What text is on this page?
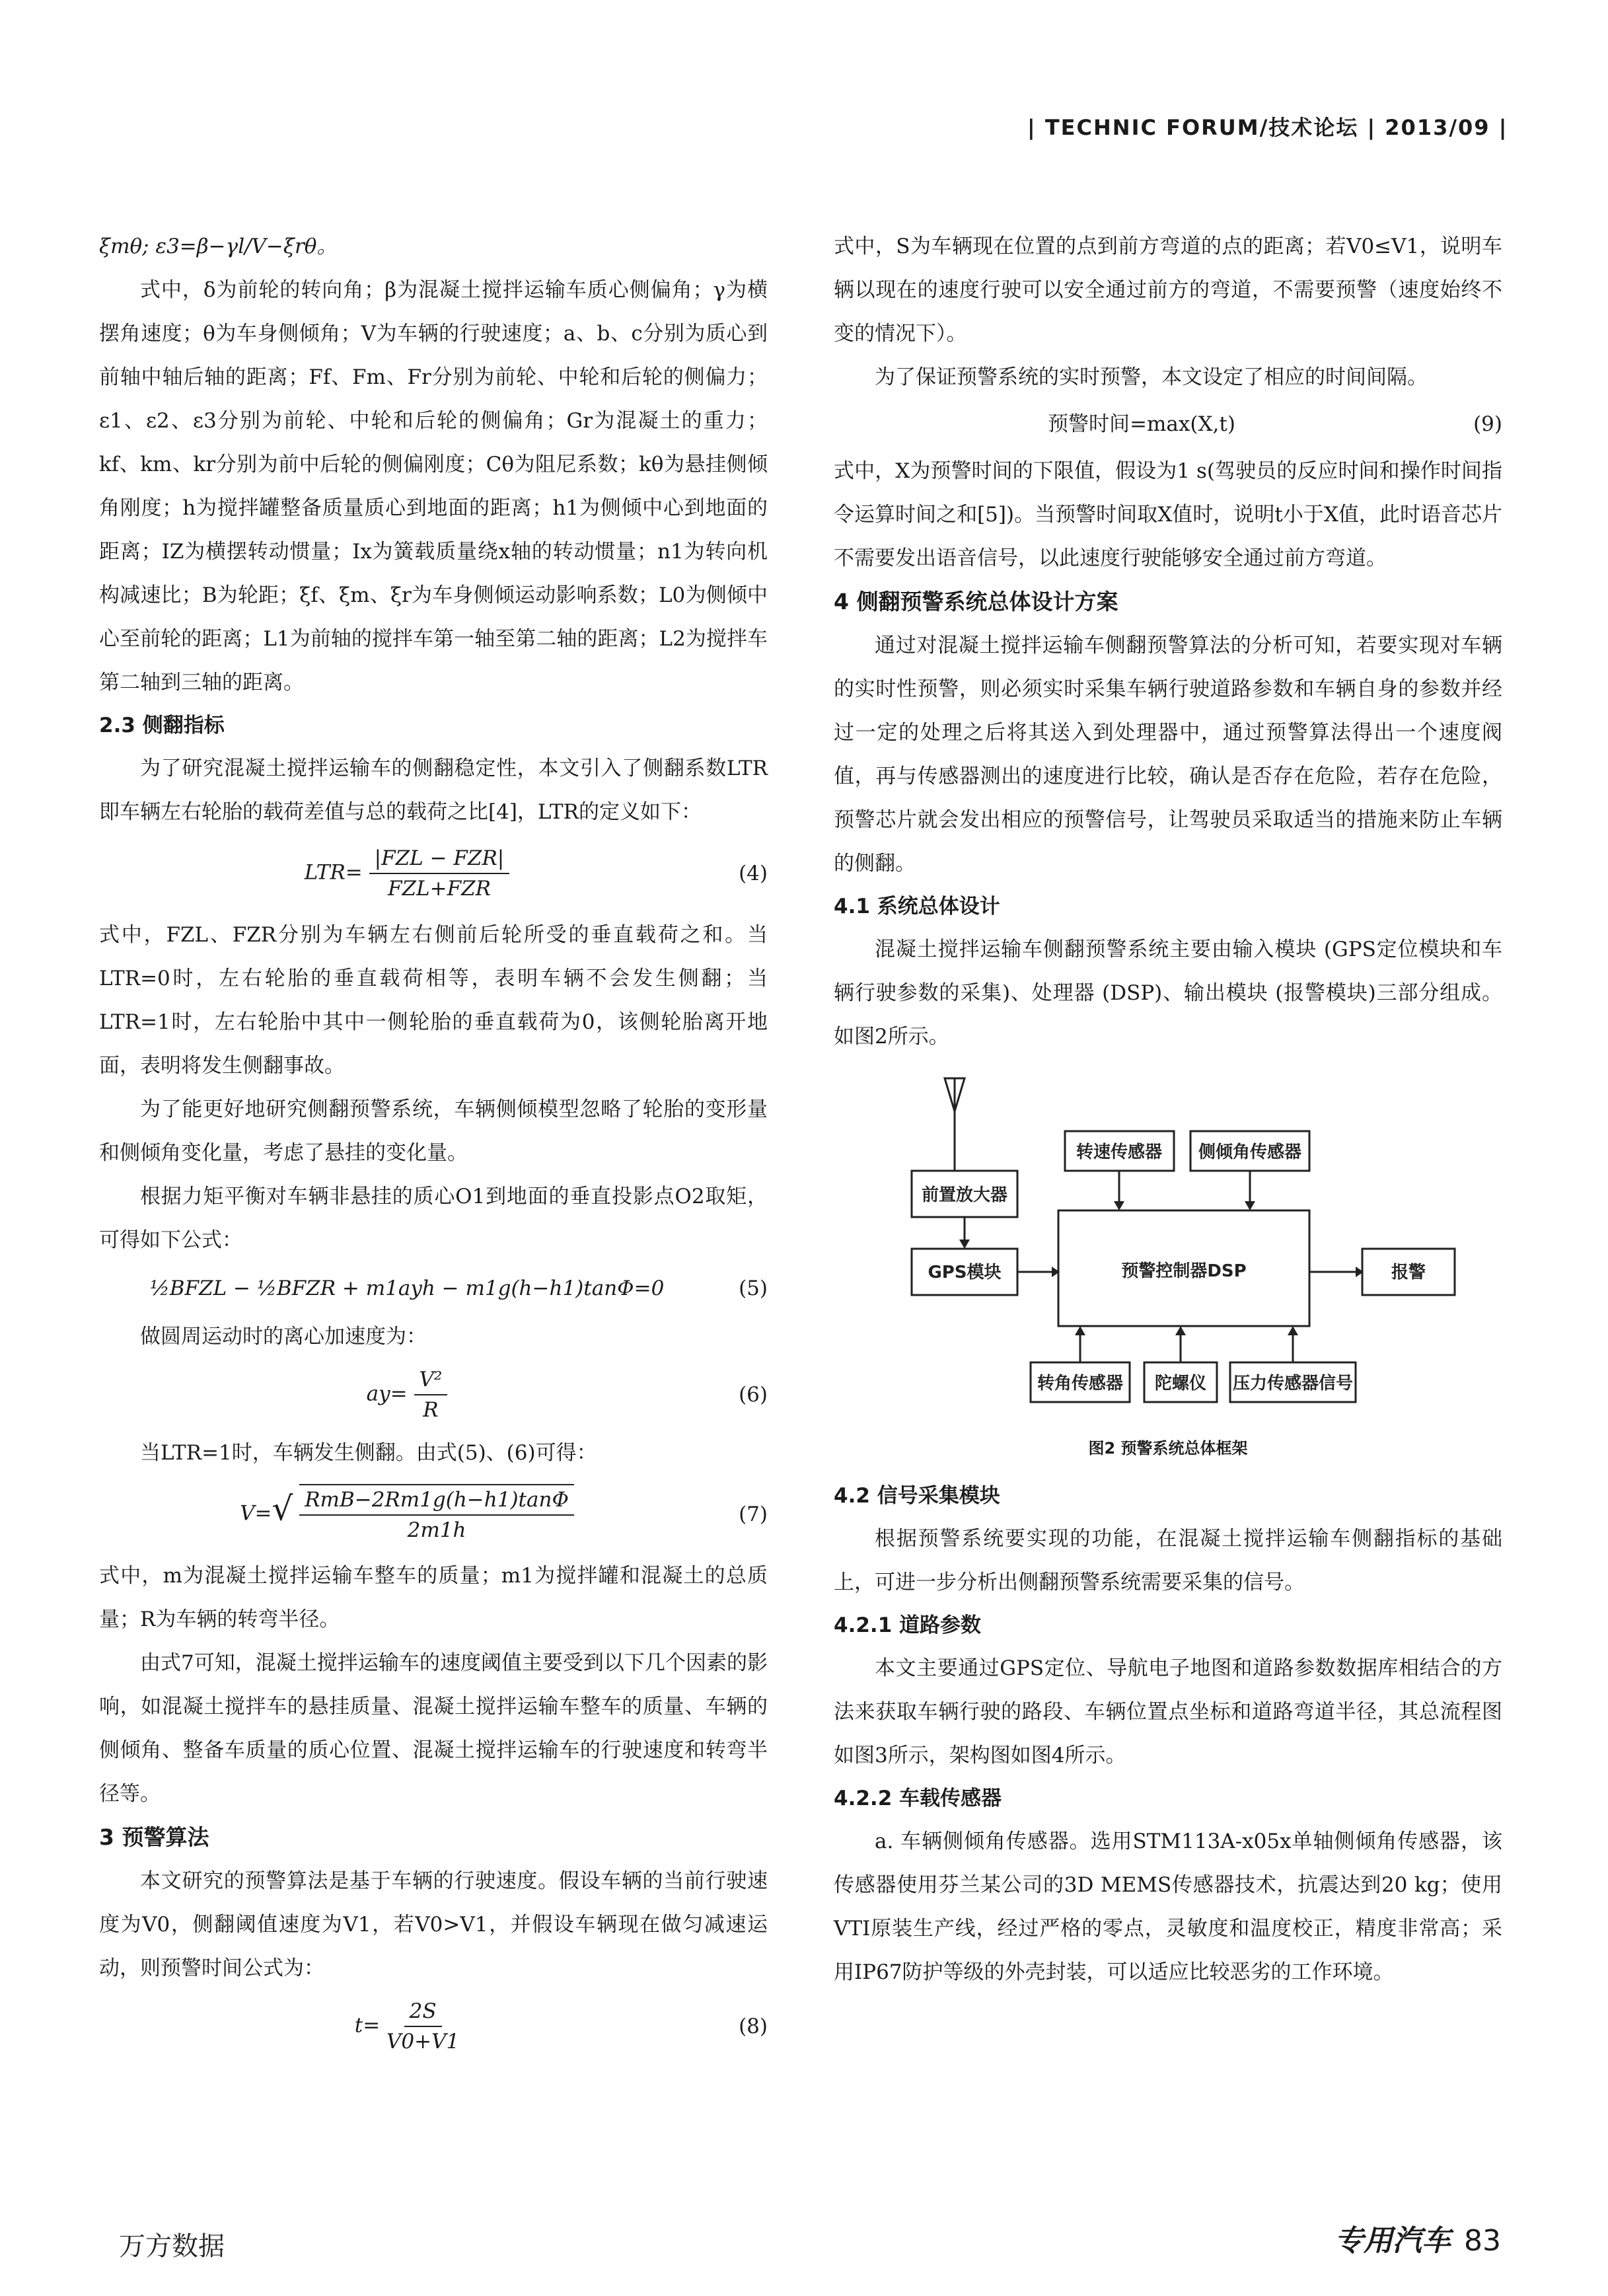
| TECHNIC FORUM/技术论坛 | 2013/09 |

ξmθ; ε3=β−γl/V−ξrθ。

式中，δ为前轮的转向角；β为混凝土搅拌运输车质心侧偏角；γ为横摆角速度；θ为车身侧倾角；V为车辆的行驶速度；a、b、c分别为质心到前轴中轴后轴的距离；Ff、Fm、Fr分别为前轮、中轮和后轮的侧偏力；ε1、ε2、ε3分别为前轮、中轮和后轮的侧偏角；Gr为混凝土的重力；kf、km、kr分别为前中后轮的侧偏刚度；Cθ为阻尼系数；kθ为悬挂侧倾角刚度；h为搅拌罐整备质量质心到地面的距离；h1为侧倾中心到地面的距离；IZ为横摆转动惯量；Ix为簧载质量绕x轴的转动惯量；n1为转向机构减速比；B为轮距；ξf、ξm、ξr为车身侧倾运动影响系数；L0为侧倾中心至前轮的距离；L1为前轴的搅拌车第一轴至第二轴的距离；L2为搅拌车第二轴到三轴的距离。

2.3 侧翻指标

为了研究混凝土搅拌运输车的侧翻稳定性，本文引入了侧翻系数LTR即车辆左右轮胎的载荷差值与总的载荷之比[4]，LTR的定义如下：

$LTR= \frac{\text{|FZL − FZR|}}{\text{FZL+FZR}}$	(4)

式中，FZL、FZR分别为车辆左右侧前后轮所受的垂直载荷之和。当LTR=0时，左右轮胎的垂直载荷相等，表明车辆不会发生侧翻；当LTR=1时，左右轮胎中其中一侧轮胎的垂直载荷为0，该侧轮胎离开地面，表明将发生侧翻事故。

为了能更好地研究侧翻预警系统，车辆侧倾模型忽略了轮胎的变形量和侧倾角变化量，考虑了悬挂的变化量。

根据力矩平衡对车辆非悬挂的质心O1到地面的垂直投影点O2取矩，可得如下公式：

½BFZL − ½BFZR + m1ayh − m1g(h−h1)tanΦ=0	(5)

做圆周运动时的离心加速度为：

$ay= \frac{\text{V²}}{R}$	(6)

当LTR=1时，车辆发生侧翻。由式(5)、(6)可得：

$V=√ \frac{\text{RmB−2Rm1g(h−h1)tanΦ}}{2m1h}$	(7)

式中，m为混凝土搅拌运输车整车的质量；m1为搅拌罐和混凝土的总质量；R为车辆的转弯半径。

由式7可知，混凝土搅拌运输车的速度阈值主要受到以下几个因素的影响，如混凝土搅拌车的悬挂质量、混凝土搅拌运输车整车的质量、车辆的侧倾角、整备车质量的质心位置、混凝土搅拌运输车的行驶速度和转弯半径等。

3 预警算法

本文研究的预警算法是基于车辆的行驶速度。假设车辆的当前行驶速度为V0，侧翻阈值速度为V1，若V0>V1，并假设车辆现在做匀减速运动，则预警时间公式为：

$t= \frac{2S}{V0+V1}$	(8)

式中，S为车辆现在位置的点到前方弯道的点的距离；若V0≤V1，说明车辆以现在的速度行驶可以安全通过前方的弯道，不需要预警（速度始终不变的情况下）。

为了保证预警系统的实时预警，本文设定了相应的时间间隔。

预警时间=max(X,t)	(9)

式中，X为预警时间的下限值，假设为1 s(驾驶员的反应时间和操作时间指令运算时间之和[5])。当预警时间取X值时，说明t小于X值，此时语音芯片不需要发出语音信号，以此速度行驶能够安全通过前方弯道。

4 侧翻预警系统总体设计方案

通过对混凝土搅拌运输车侧翻预警算法的分析可知，若要实现对车辆的实时性预警，则必须实时采集车辆行驶道路参数和车辆自身的参数并经过一定的处理之后将其送入到处理器中，通过预警算法得出一个速度阀值，再与传感器测出的速度进行比较，确认是否存在危险，若存在危险，预警芯片就会发出相应的预警信号，让驾驶员采取适当的措施来防止车辆的侧翻。

4.1 系统总体设计

混凝土搅拌运输车侧翻预警系统主要由输入模块 (GPS定位模块和车辆行驶参数的采集)、处理器 (DSP)、输出模块 (报警模块)三部分组成。如图2所示。

前置放大器
GPS模块
转速传感器 侧倾角传感器
预警控制器DSP	报警
转角传感器 陀螺仪 压力传感器信号
图2 预警系统总体框架
4.2 信号采集模块

根据预警系统要实现的功能，在混凝土搅拌运输车侧翻指标的基础上，可进一步分析出侧翻预警系统需要采集的信号。

4.2.1 道路参数

本文主要通过GPS定位、导航电子地图和道路参数数据库相结合的方法来获取车辆行驶的路段、车辆位置点坐标和道路弯道半径，其总流程图如图3所示，架构图如图4所示。

4.2.2 车载传感器

a. 车辆侧倾角传感器。选用STM113A-x05x单轴侧倾角传感器，该传感器使用芬兰某公司的3D MEMS传感器技术，抗震达到20 kg；使用VTI原装生产线，经过严格的零点，灵敏度和温度校正，精度非常高；采用IP67防护等级的外壳封装，可以适应比较恶劣的工作环境。

万方数据	专用汽车 83
